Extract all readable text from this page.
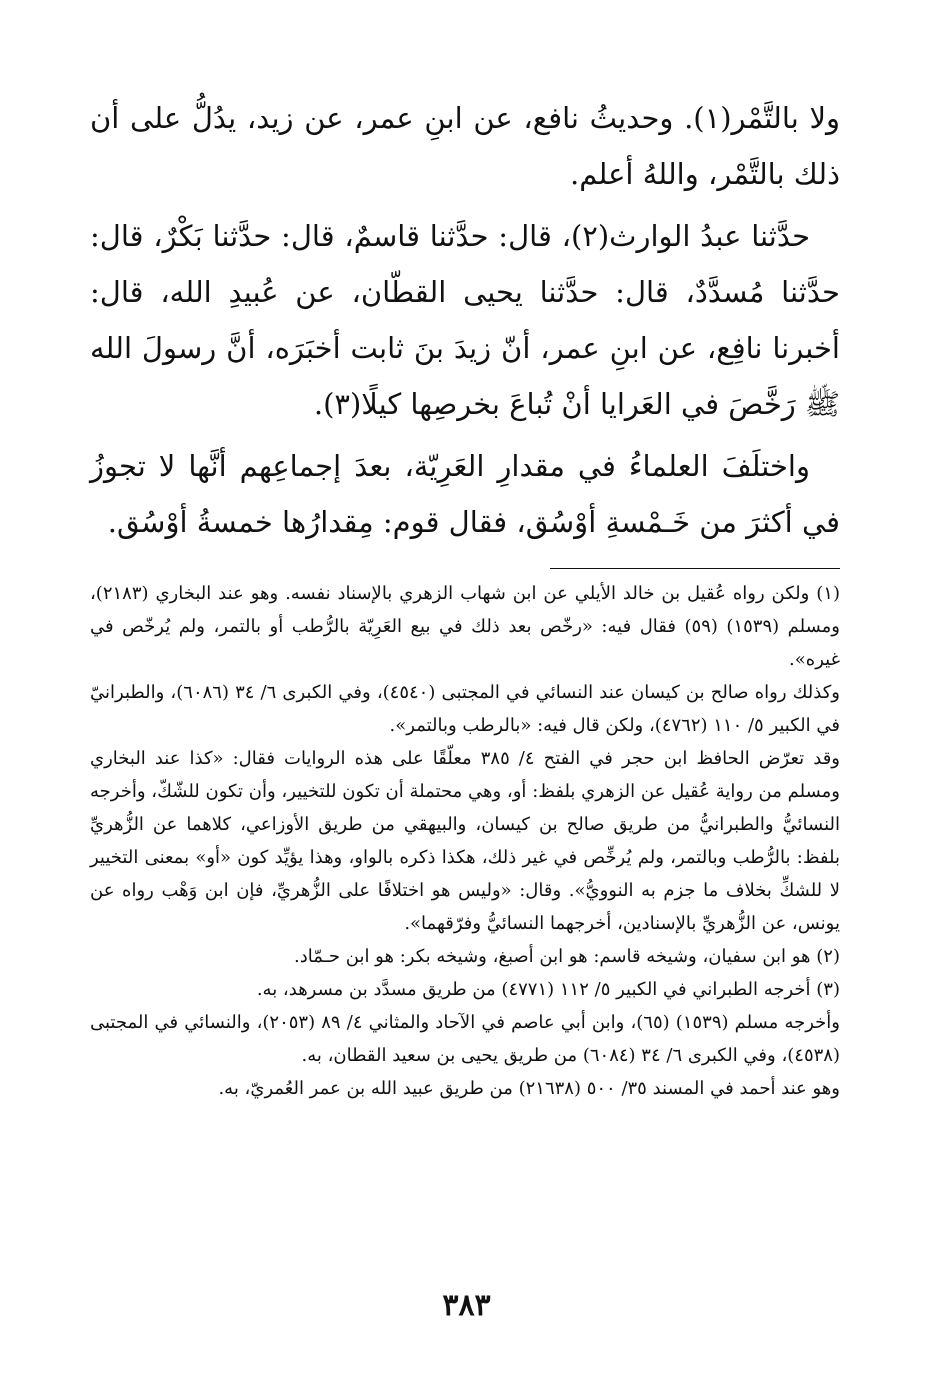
ولا بالتَّمْر(١). وحديثُ نافع، عن ابنِ عمر، عن زيد، يدُلُّ على أن ذلك بالتَّمْر، واللهُ أعلم.

حدَّثنا عبدُ الوارث(٢)، قال: حدَّثنا قاسمٌ، قال: حدَّثنا بَكْرٌ، قال: حدَّثنا مُسدَّدٌ، قال: حدَّثنا يحيى القطّان، عن عُبيدِ الله، قال: أخبرنا نافِع، عن ابنِ عمر، أنّ زيدَ بنَ ثابت أخبَرَه، أنَّ رسولَ الله ﷺ رَخَّصَ في العَرايا أنْ تُباعَ بخرصِها كيلًا(٣).

واختلَفَ العلماءُ في مقدارِ العَرِيّة، بعدَ إجماعِهم أنَّها لا تجوزُ في أكثرَ من خَـمْسةِ أوْسُق، فقال قوم: مِقدارُها خمسةُ أوْسُق.

(١) ولكن رواه عُقيل بن خالد الأيلي عن ابن شهاب الزهري بالإسناد نفسه. وهو عند البخاري (٢١٨٣)، ومسلم (١٥٣٩) (٥٩) فقال فيه: «رخّص بعد ذلك في بيع العَرِيّة بالرُّطب أو بالتمر، ولم يُرخّص في غيره».

وكذلك رواه صالح بن كيسان عند النسائي في المجتبى (٤٥٤٠)، وفي الكبرى ٦/ ٣٤ (٦٠٨٦)، والطبرانيّ في الكبير ٥/ ١١٠ (٤٧٦٢)، ولكن قال فيه: «بالرطب وبالتمر».

وقد تعرّض الحافظ ابن حجر في الفتح ٤/ ٣٨٥ معلّقًا على هذه الروايات فقال: «كذا عند البخاري ومسلم من رواية عُقيل عن الزهري بلفظ: أو، وهي محتملة أن تكون للتخيير، وأن تكون للشّكّ، وأخرجه النسائيُّ والطبرانيُّ من طريق صالح بن كيسان، والبيهقي من طريق الأوزاعي، كلاهما عن الزُّهريِّ بلفظ: بالرُّطب وبالتمر، ولم يُرخِّص في غير ذلك، هكذا ذكره بالواو، وهذا يؤيِّد كون «أو» بمعنى التخيير لا للشكِّ بخلاف ما جزم به النوويُّ». وقال: «وليس هو اختلافًا على الزُّهريِّ، فإن ابن وَهْب رواه عن يونس، عن الزُّهريِّ بالإسنادين، أخرجهما النسائيُّ وفرّقهما».

(٢) هو ابن سفيان، وشيخه قاسم: هو ابن أصبغ، وشيخه بكر: هو ابن حـمّاد.

(٣) أخرجه الطبراني في الكبير ٥/ ١١٢ (٤٧٧١) من طريق مسدَّد بن مسرهد، به.

وأخرجه مسلم (١٥٣٩) (٦٥)، وابن أبي عاصم في الآحاد والمثاني ٤/ ٨٩ (٢٠٥٣)، والنسائي في المجتبى (٤٥٣٨)، وفي الكبرى ٦/ ٣٤ (٦٠٨٤) من طريق يحيى بن سعيد القطان، به.

وهو عند أحمد في المسند ٣٥/ ٥٠٠ (٢١٦٣٨) من طريق عبيد الله بن عمر العُمريّ، به.

٣٨٣
